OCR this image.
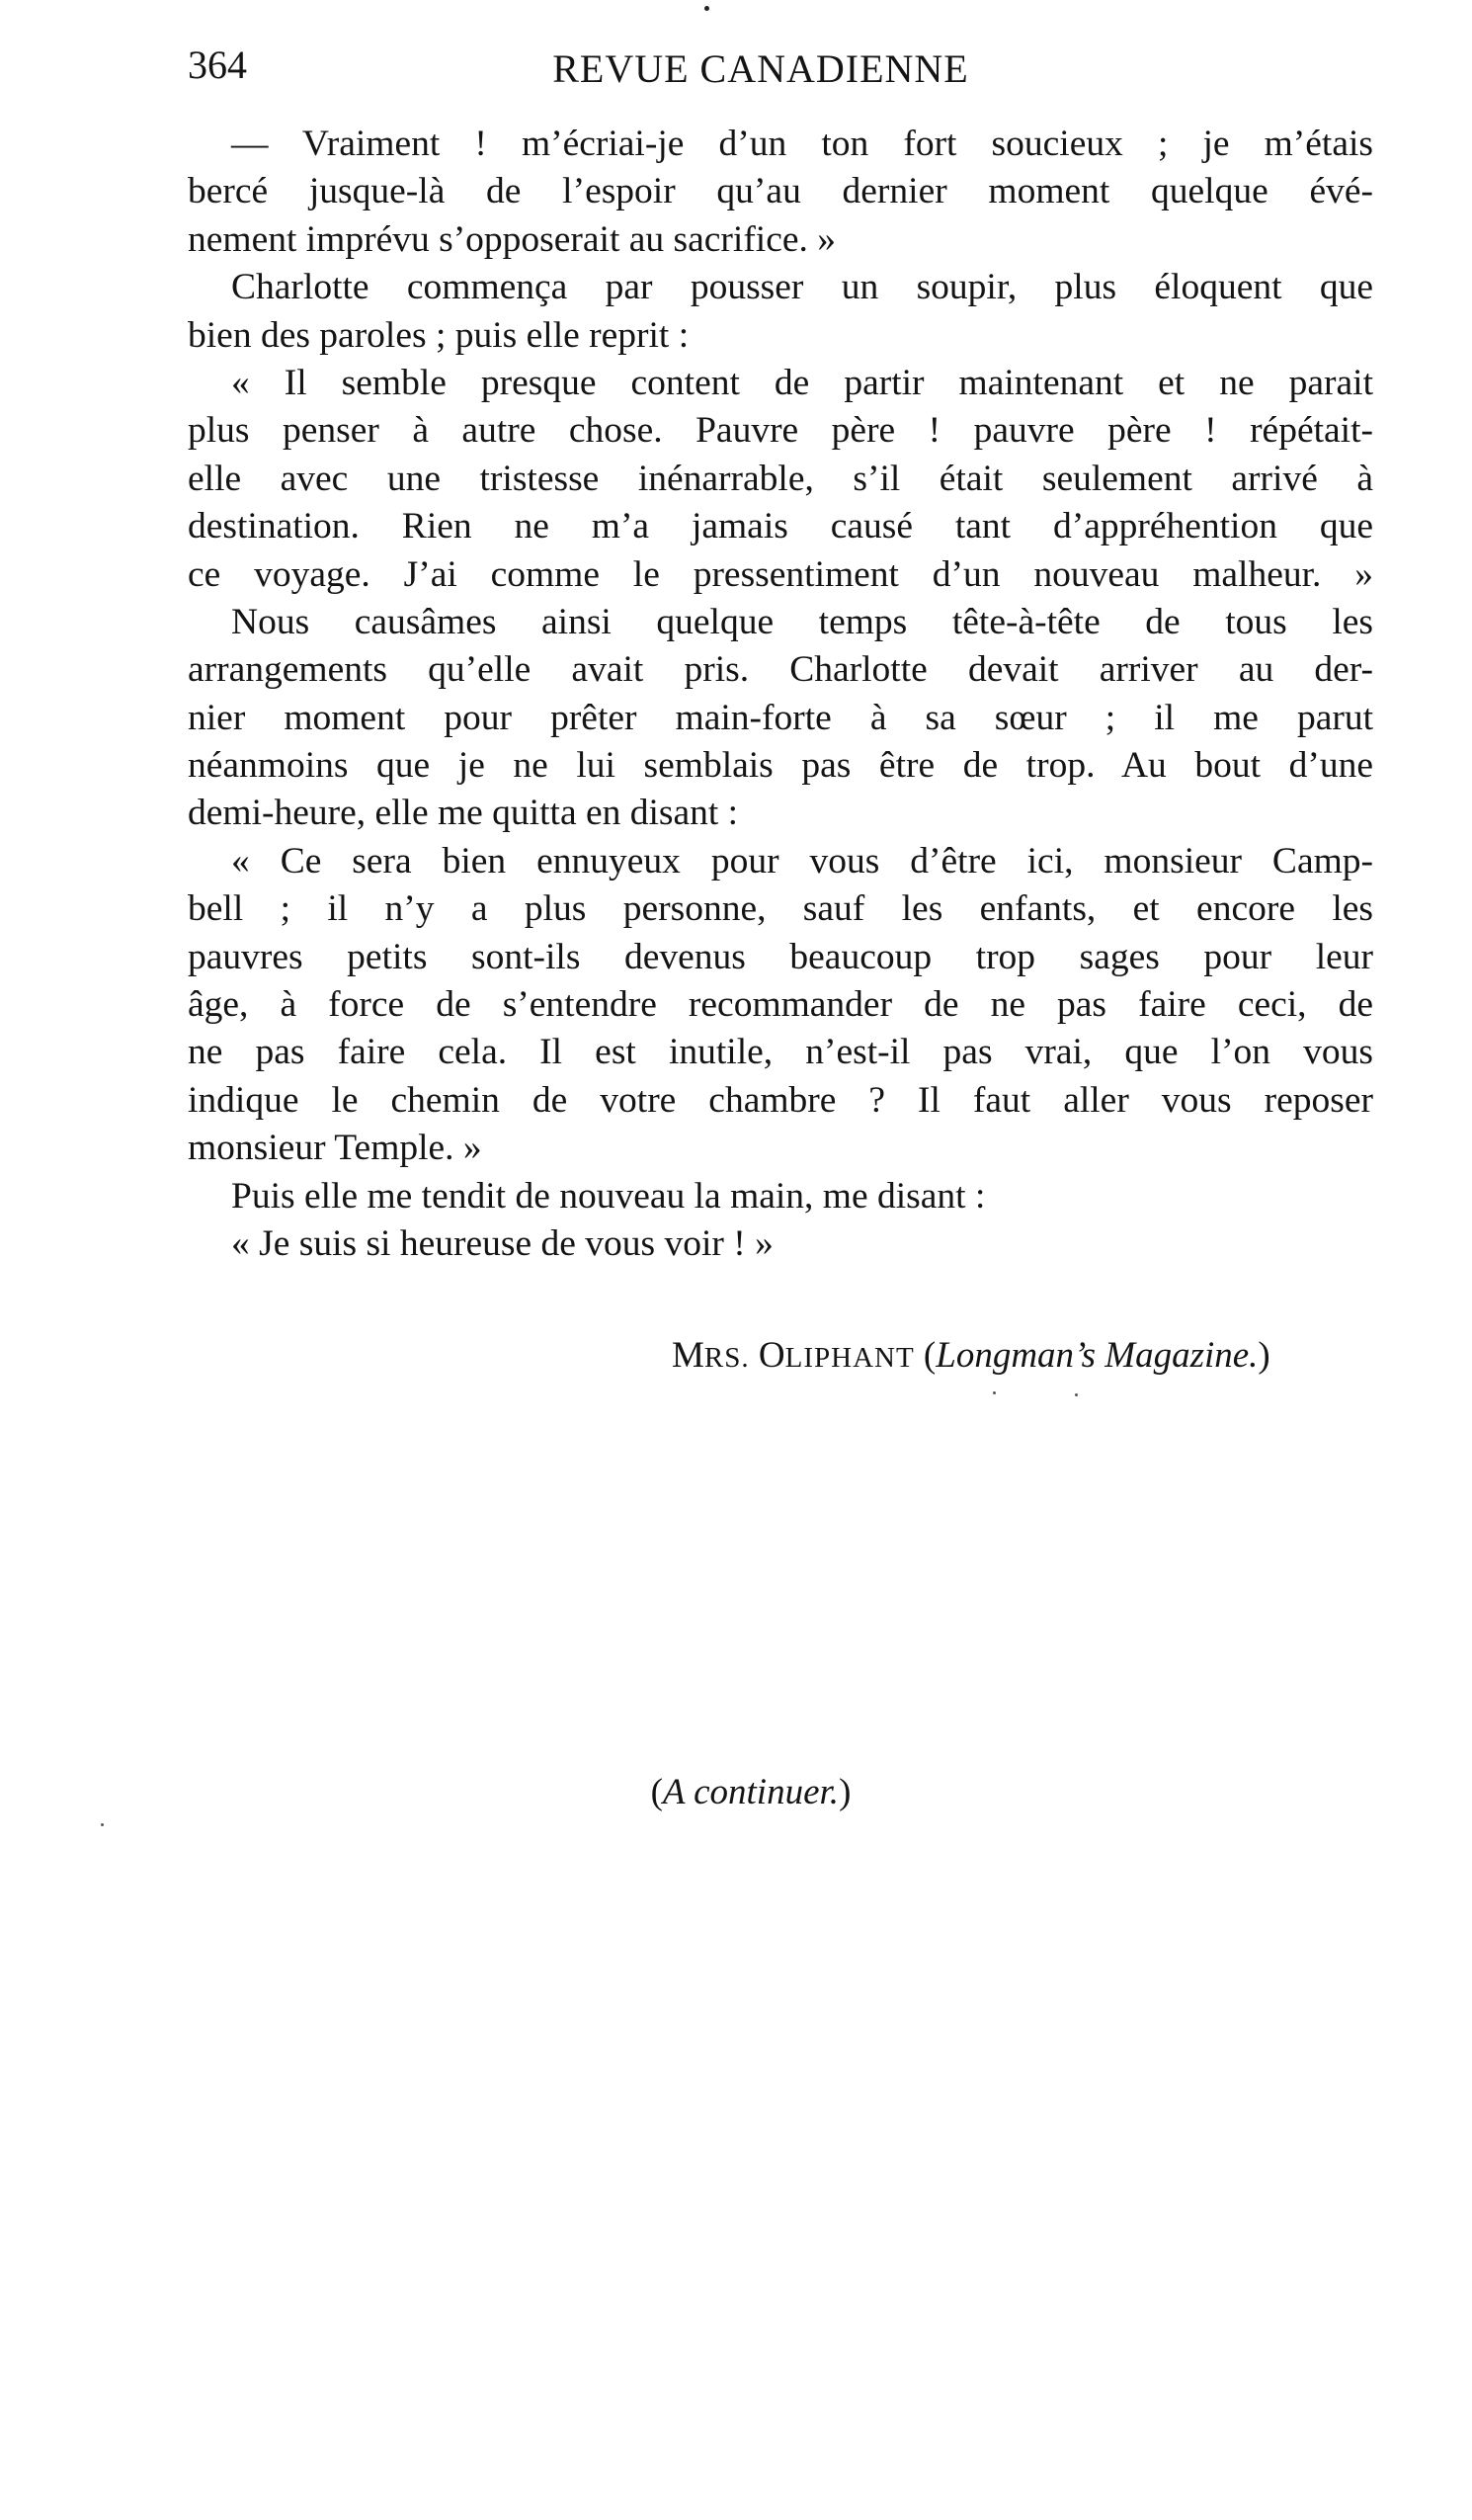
364	REVUE CANADIENNE
— Vraiment ! m’écriai-je d’un ton fort soucieux ; je m’étais
bercé jusque-là de l’espoir qu’au dernier moment quelque évé-
nement imprévu s’opposerait au sacrifice. »
Charlotte commença par pousser un soupir, plus éloquent que
bien des paroles ; puis elle reprit :
« Il semble presque content de partir maintenant et ne parait
plus penser à autre chose. Pauvre père ! pauvre père ! répétait-
elle avec une tristesse inénarrable, s’il était seulement arrivé à
destination. Rien ne m’a jamais causé tant d’appréhention que
ce voyage. J’ai comme le pressentiment d’un nouveau malheur. »
Nous causâmes ainsi quelque temps tête-à-tête de tous les
arrangements qu’elle avait pris. Charlotte devait arriver au der-
nier moment pour prêter main-forte à sa sœur ; il me parut
néanmoins que je ne lui semblais pas être de trop. Au bout d’une
demi-heure, elle me quitta en disant :
« Ce sera bien ennuyeux pour vous d’être ici, monsieur Camp-
bell ; il n’y a plus personne, sauf les enfants, et encore les
pauvres petits sont-ils devenus beaucoup trop sages pour leur
âge, à force de s’entendre recommander de ne pas faire ceci, de
ne pas faire cela. Il est inutile, n’est-il pas vrai, que l’on vous
indique le chemin de votre chambre ? Il faut aller vous reposer
monsieur Temple. »
Puis elle me tendit de nouveau la main, me disant :
« Je suis si heureuse de vous voir ! »
MRS. OLIPHANT (Longman’s Magazine.)
(A continuer.)
